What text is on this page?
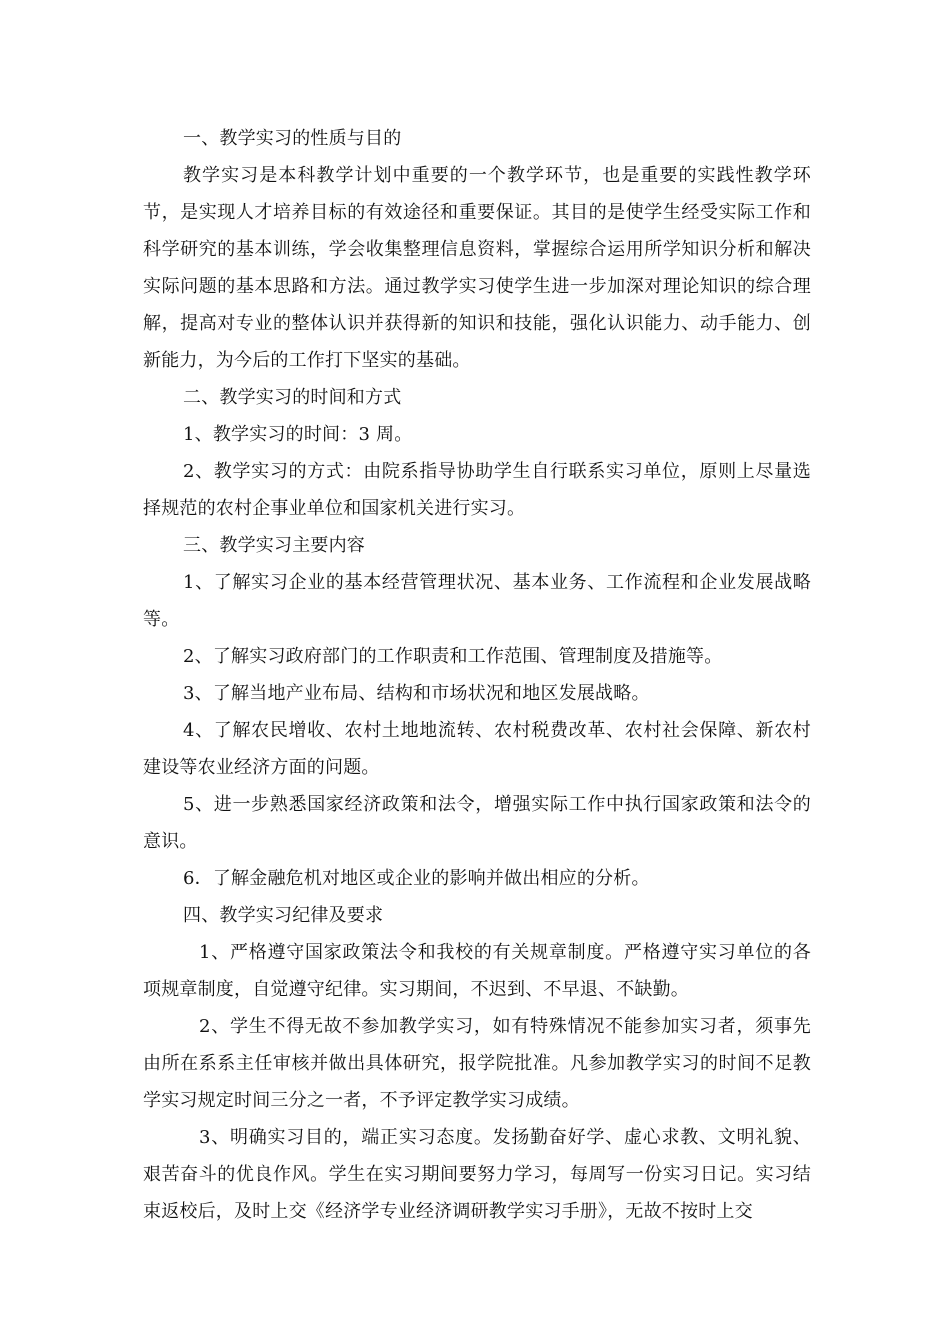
一、教学实习的性质与目的

教学实习是本科教学计划中重要的一个教学环节，也是重要的实践性教学环节，是实现人才培养目标的有效途径和重要保证。其目的是使学生经受实际工作和科学研究的基本训练，学会收集整理信息资料，掌握综合运用所学知识分析和解决实际问题的基本思路和方法。通过教学实习使学生进一步加深对理论知识的综合理解，提高对专业的整体认识并获得新的知识和技能，强化认识能力、动手能力、创新能力，为今后的工作打下坚实的基础。

二、教学实习的时间和方式

1、教学实习的时间：3 周。

2、教学实习的方式：由院系指导协助学生自行联系实习单位，原则上尽量选择规范的农村企事业单位和国家机关进行实习。

三、教学实习主要内容

1、了解实习企业的基本经营管理状况、基本业务、工作流程和企业发展战略等。

2、了解实习政府部门的工作职责和工作范围、管理制度及措施等。

3、了解当地产业布局、结构和市场状况和地区发展战略。

4、了解农民增收、农村土地地流转、农村税费改革、农村社会保障、新农村建设等农业经济方面的问题。

5、进一步熟悉国家经济政策和法令，增强实际工作中执行国家政策和法令的意识。

6．了解金融危机对地区或企业的影响并做出相应的分析。

四、教学实习纪律及要求

1、严格遵守国家政策法令和我校的有关规章制度。严格遵守实习单位的各项规章制度，自觉遵守纪律。实习期间，不迟到、不早退、不缺勤。

2、学生不得无故不参加教学实习，如有特殊情况不能参加实习者，须事先由所在系系主任审核并做出具体研究，报学院批准。凡参加教学实习的时间不足教学实习规定时间三分之一者，不予评定教学实习成绩。

3、明确实习目的，端正实习态度。发扬勤奋好学、虚心求教、文明礼貌、艰苦奋斗的优良作风。学生在实习期间要努力学习，每周写一份实习日记。实习结束返校后，及时上交《经济学专业经济调研教学实习手册》，无故不按时上交
